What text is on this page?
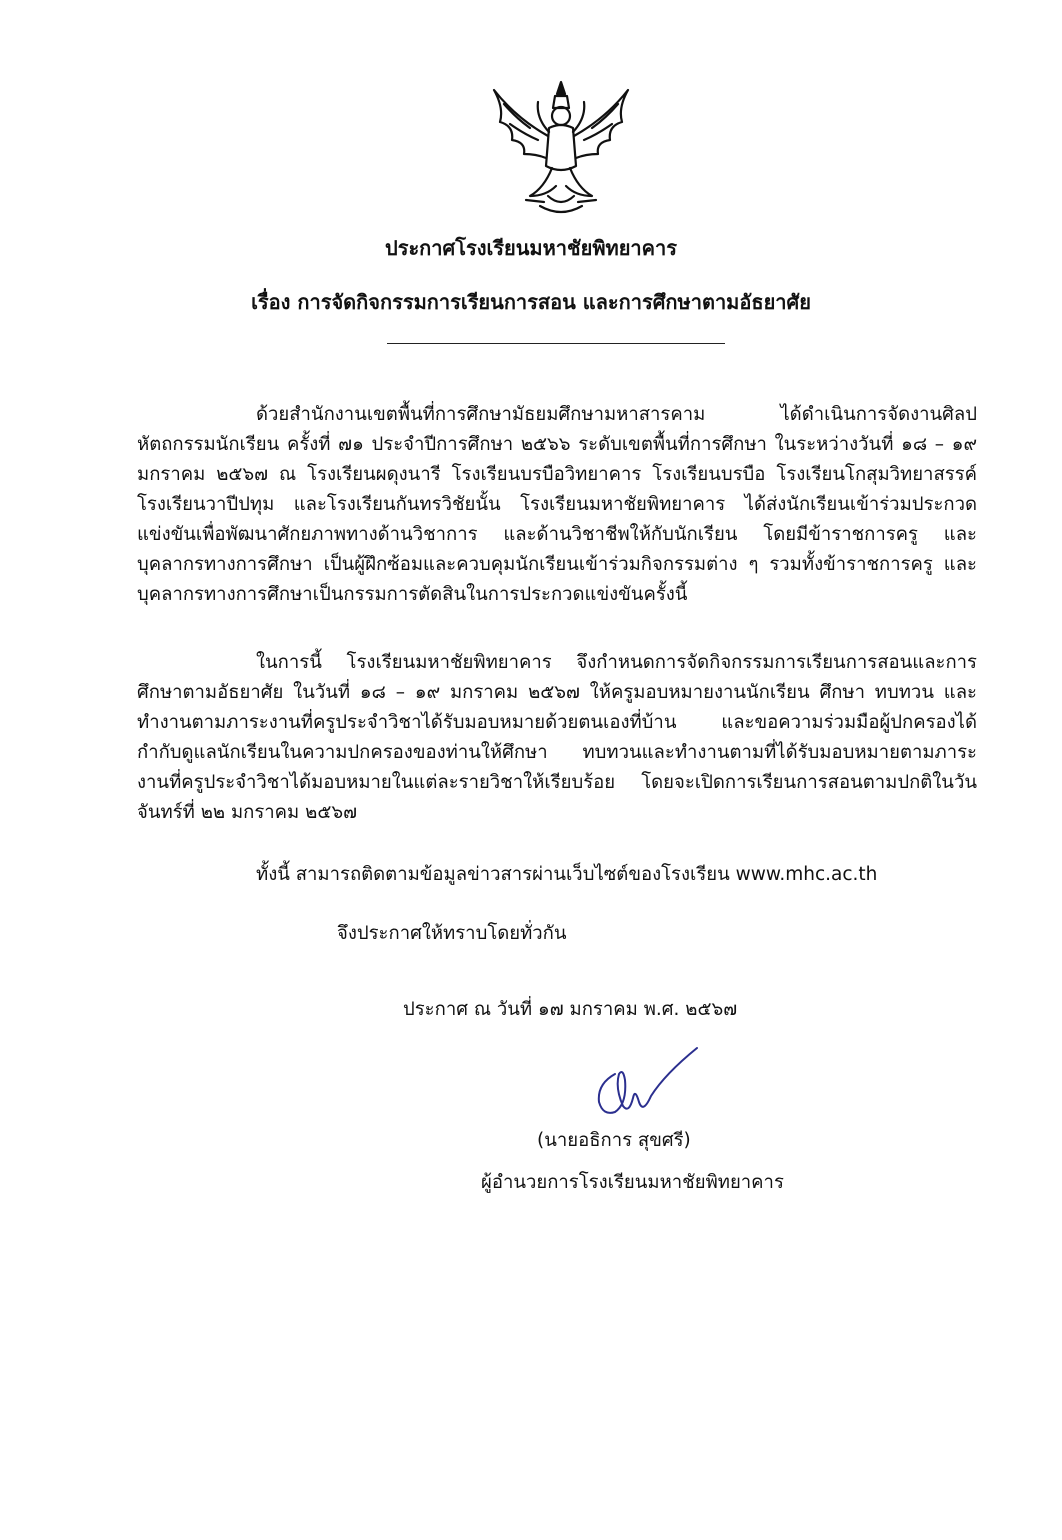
ประกาศโรงเรียนมหาชัยพิทยาคาร
เรื่อง การจัดกิจกรรมการเรียนการสอน และการศึกษาตามอัธยาศัย

ด้วยสำนักงานเขตพื้นที่การศึกษามัธยมศึกษามหาสารคาม ได้ดำเนินการจัดงานศิลปหัตถกรรมนักเรียน ครั้งที่ ๗๑ ประจำปีการศึกษา ๒๕๖๖ ระดับเขตพื้นที่การศึกษา ในระหว่างวันที่ ๑๘ – ๑๙ มกราคม ๒๕๖๗ ณ โรงเรียนผดุงนารี โรงเรียนบรบือวิทยาคาร โรงเรียนบรบือ โรงเรียนโกสุมวิทยาสรรค์ โรงเรียนวาปีปทุม และโรงเรียนกันทรวิชัยนั้น โรงเรียนมหาชัยพิทยาคาร ได้ส่งนักเรียนเข้าร่วมประกวดแข่งขันเพื่อพัฒนาศักยภาพทางด้านวิชาการ และด้านวิชาชีพให้กับนักเรียน โดยมีข้าราชการครู และบุคลากรทางการศึกษา เป็นผู้ฝึกซ้อมและควบคุมนักเรียนเข้าร่วมกิจกรรมต่าง ๆ รวมทั้งข้าราชการครู และบุคลากรทางการศึกษาเป็นกรรมการตัดสินในการประกวดแข่งขันครั้งนี้

ในการนี้ โรงเรียนมหาชัยพิทยาคาร จึงกำหนดการจัดกิจกรรมการเรียนการสอนและการศึกษาตามอัธยาศัย ในวันที่ ๑๘ – ๑๙ มกราคม ๒๕๖๗ ให้ครูมอบหมายงานนักเรียน ศึกษา ทบทวน และทำงานตามภาระงานที่ครูประจำวิชาได้รับมอบหมายด้วยตนเองที่บ้าน และขอความร่วมมือผู้ปกครองได้กำกับดูแลนักเรียนในความปกครองของท่านให้ศึกษา ทบทวนและทำงานตามที่ได้รับมอบหมายตามภาระงานที่ครูประจำวิชาได้มอบหมายในแต่ละรายวิชาให้เรียบร้อย โดยจะเปิดการเรียนการสอนตามปกติในวันจันทร์ที่ ๒๒ มกราคม ๒๕๖๗

ทั้งนี้ สามารถติดตามข้อมูลข่าวสารผ่านเว็บไซต์ของโรงเรียน www.mhc.ac.th
จึงประกาศให้ทราบโดยทั่วกัน
ประกาศ ณ วันที่ ๑๗ มกราคม พ.ศ. ๒๕๖๗
(นายอธิการ สุขศรี)
ผู้อำนวยการโรงเรียนมหาชัยพิทยาคาร
